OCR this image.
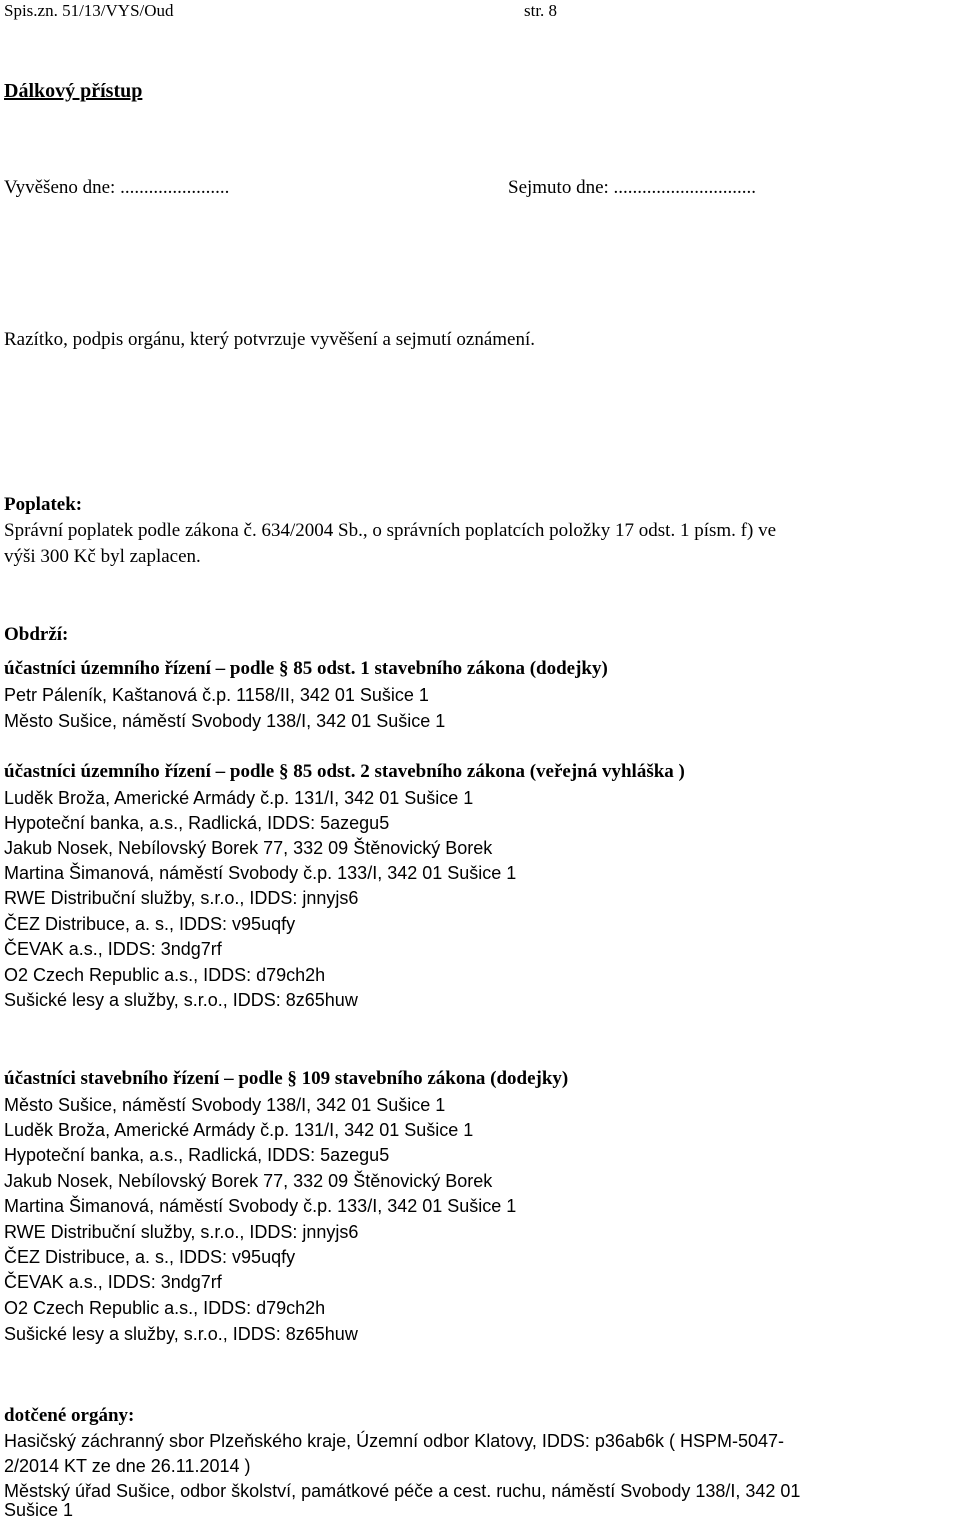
Spis.zn. 51/13/VYS/Oud	str. 8
Dálkový přístup
Vyvěšeno dne: .......................	Sejmuto dne: ..............................
Razítko, podpis orgánu, který potvrzuje vyvěšení a sejmutí oznámení.
Poplatek:
Správní poplatek podle zákona č. 634/2004 Sb., o správních poplatcích položky 17 odst. 1 písm. f) ve
výši 300 Kč byl zaplacen.
Obdrží:
účastníci územního řízení – podle § 85 odst. 1 stavebního zákona (dodejky)
Petr Páleník, Kaštanová č.p. 1158/II, 342 01 Sušice 1
Město Sušice, náměstí Svobody 138/I, 342 01 Sušice 1
účastníci územního řízení – podle § 85 odst. 2 stavebního zákona (veřejná vyhláška )
Luděk Broža, Americké Armády č.p. 131/I, 342 01 Sušice 1
Hypoteční banka, a.s., Radlická, IDDS: 5azegu5
Jakub Nosek, Nebílovský Borek 77, 332 09 Štěnovický Borek
Martina Šimanová, náměstí Svobody č.p. 133/I, 342 01 Sušice 1
RWE Distribuční služby, s.r.o., IDDS: jnnyjs6
ČEZ Distribuce, a. s., IDDS: v95uqfy
ČEVAK a.s., IDDS: 3ndg7rf
O2 Czech Republic a.s., IDDS: d79ch2h
Sušické lesy a služby, s.r.o., IDDS: 8z65huw
účastníci stavebního řízení – podle § 109 stavebního zákona (dodejky)
Město Sušice, náměstí Svobody 138/I, 342 01 Sušice 1
Luděk Broža, Americké Armády č.p. 131/I, 342 01 Sušice 1
Hypoteční banka, a.s., Radlická, IDDS: 5azegu5
Jakub Nosek, Nebílovský Borek 77, 332 09 Štěnovický Borek
Martina Šimanová, náměstí Svobody č.p. 133/I, 342 01 Sušice 1
RWE Distribuční služby, s.r.o., IDDS: jnnyjs6
ČEZ Distribuce, a. s., IDDS: v95uqfy
ČEVAK a.s., IDDS: 3ndg7rf
O2 Czech Republic a.s., IDDS: d79ch2h
Sušické lesy a služby, s.r.o., IDDS: 8z65huw
dotčené orgány:
Hasičský záchranný sbor Plzeňského kraje, Územní odbor Klatovy, IDDS: p36ab6k ( HSPM-5047-
2/2014 KT ze dne 26.11.2014 )
Městský úřad Sušice, odbor školství, památkové péče a cest. ruchu, náměstí Svobody 138/I, 342 01
Sušice 1
